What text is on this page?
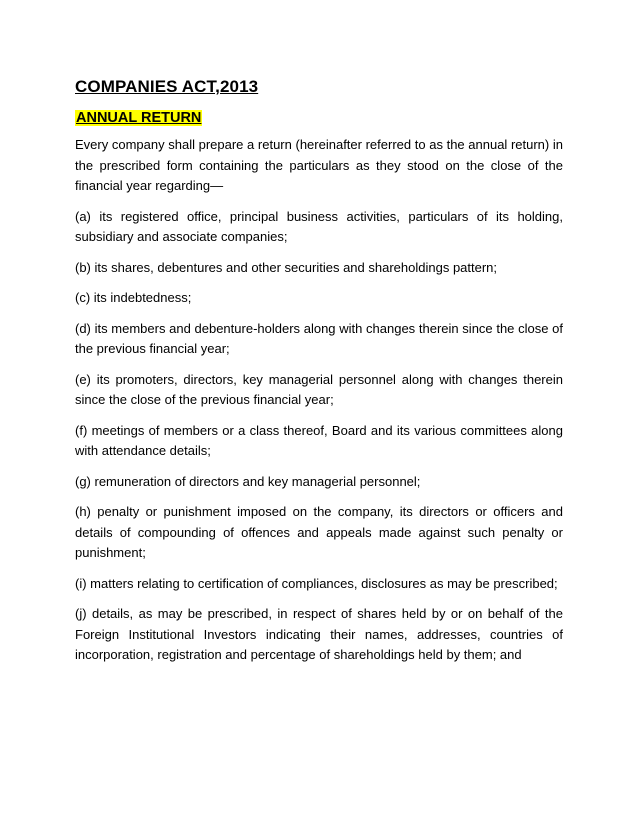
COMPANIES ACT,2013
ANNUAL RETURN

Every company shall prepare a return (hereinafter referred to as the annual return) in the prescribed form containing the particulars as they stood on the close of the financial year regarding—

(a) its registered office, principal business activities, particulars of its holding, subsidiary and associate companies;

(b) its shares, debentures and other securities and shareholdings pattern;

(c) its indebtedness;

(d) its members and debenture-holders along with changes therein since the close of the previous financial year;

(e) its promoters, directors, key managerial personnel along with changes therein since the close of the previous financial year;

(f) meetings of members or a class thereof, Board and its various committees along with attendance details;

(g) remuneration of directors and key managerial personnel;

(h) penalty or punishment imposed on the company, its directors or officers and details of compounding of offences and appeals made against such penalty or punishment;

(i) matters relating to certification of compliances, disclosures as may be prescribed;

(j) details, as may be prescribed, in respect of shares held by or on behalf of the Foreign Institutional Investors indicating their names, addresses, countries of incorporation, registration and percentage of shareholdings held by them; and
